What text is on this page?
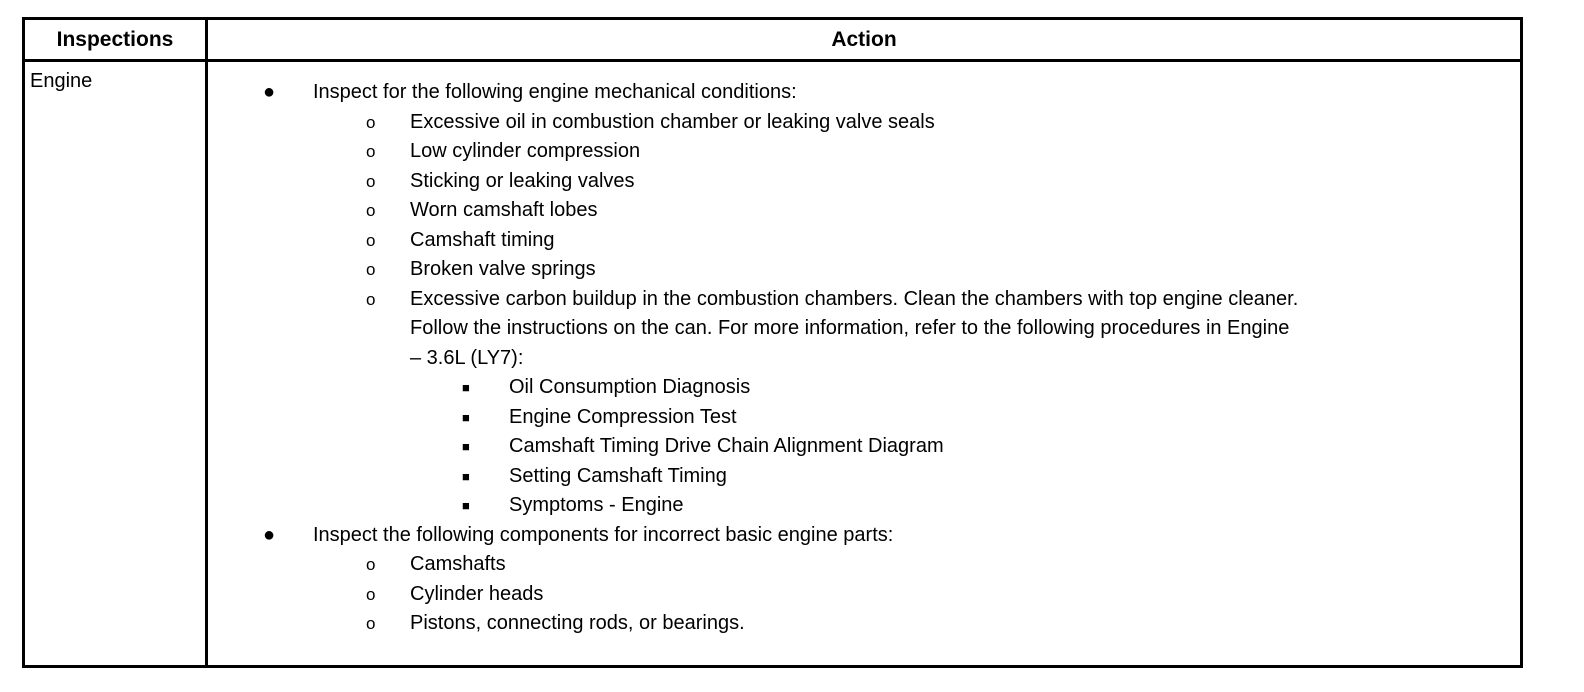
Inspections	Action
Engine	● Inspect for the following engine mechanical conditions:
o Excessive oil in combustion chamber or leaking valve seals
o Low cylinder compression
o Sticking or leaking valves
o Worn camshaft lobes
o Camshaft timing
o Broken valve springs
o Excessive carbon buildup in the combustion chambers. Clean the chambers with top engine cleaner.
Follow the instructions on the can. For more information, refer to the following procedures in Engine
– 3.6L (LY7):
■ Oil Consumption Diagnosis
■ Engine Compression Test
■ Camshaft Timing Drive Chain Alignment Diagram
■ Setting Camshaft Timing
■ Symptoms - Engine
● Inspect the following components for incorrect basic engine parts:
o Camshafts
o Cylinder heads
o Pistons, connecting rods, or bearings.
